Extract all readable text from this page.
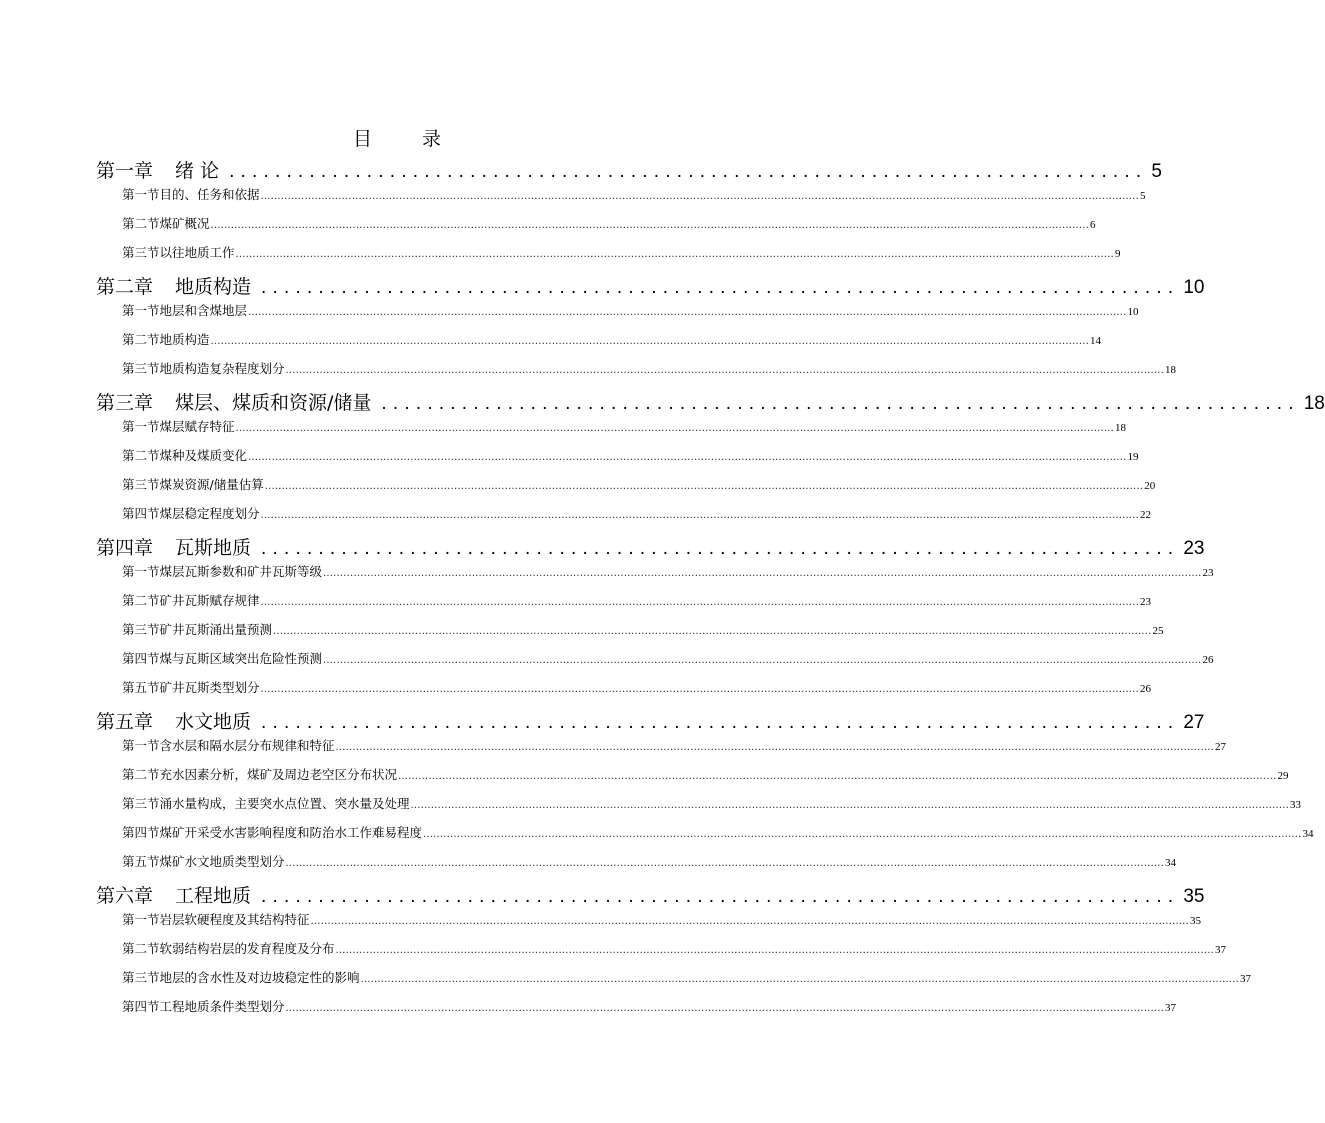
目	录
第一章 绪 论 ................................................................................ 5
第一节 目的、任务和依据 .................................................................................................................................................................................................................................................................... 5
第二节 煤矿概况 .................................................................................................................................................................................................................................................................... 6
第三节 以往地质工作 .................................................................................................................................................................................................................................................................... 9
第二章 地质构造 ................................................................................ 10
第一节 地层和含煤地层 .................................................................................................................................................................................................................................................................... 10
第二节 地质构造 .................................................................................................................................................................................................................................................................... 14
第三节 地质构造复杂程度划分 .................................................................................................................................................................................................................................................................... 18
第三章 煤层、煤质和资源/储量 ................................................................................ 18
第一节 煤层赋存特征 .................................................................................................................................................................................................................................................................... 18
第二节 煤种及煤质变化 .................................................................................................................................................................................................................................................................... 19
第三节 煤炭资源/储量估算 .................................................................................................................................................................................................................................................................... 20
第四节 煤层稳定程度划分 .................................................................................................................................................................................................................................................................... 22
第四章 瓦斯地质 ................................................................................ 23
第一节 煤层瓦斯参数和矿井瓦斯等级 .................................................................................................................................................................................................................................................................... 23
第二节 矿井瓦斯赋存规律 .................................................................................................................................................................................................................................................................... 23
第三节 矿井瓦斯涌出量预测 .................................................................................................................................................................................................................................................................... 25
第四节 煤与瓦斯区域突出危险性预测 .................................................................................................................................................................................................................................................................... 26
第五节 矿井瓦斯类型划分 .................................................................................................................................................................................................................................................................... 26
第五章 水文地质 ................................................................................ 27
第一节 含水层和隔水层分布规律和特征 .................................................................................................................................................................................................................................................................... 27
第二节 充水因素分析，煤矿及周边老空区分布状况 .................................................................................................................................................................................................................................................................... 29
第三节 涌水量构成，主要突水点位置、突水量及处理 .................................................................................................................................................................................................................................................................... 33
第四节 煤矿开采受水害影响程度和防治水工作难易程度 .................................................................................................................................................................................................................................................................... 34
第五节 煤矿水文地质类型划分 .................................................................................................................................................................................................................................................................... 34
第六章 工程地质 ................................................................................ 35
第一节 岩层软硬程度及其结构特征 .................................................................................................................................................................................................................................................................... 35
第二节 软弱结构岩层的发育程度及分布 .................................................................................................................................................................................................................................................................... 37
第三节 地层的含水性及对边坡稳定性的影响 .................................................................................................................................................................................................................................................................... 37
第四节 工程地质条件类型划分 .................................................................................................................................................................................................................................................................... 37
